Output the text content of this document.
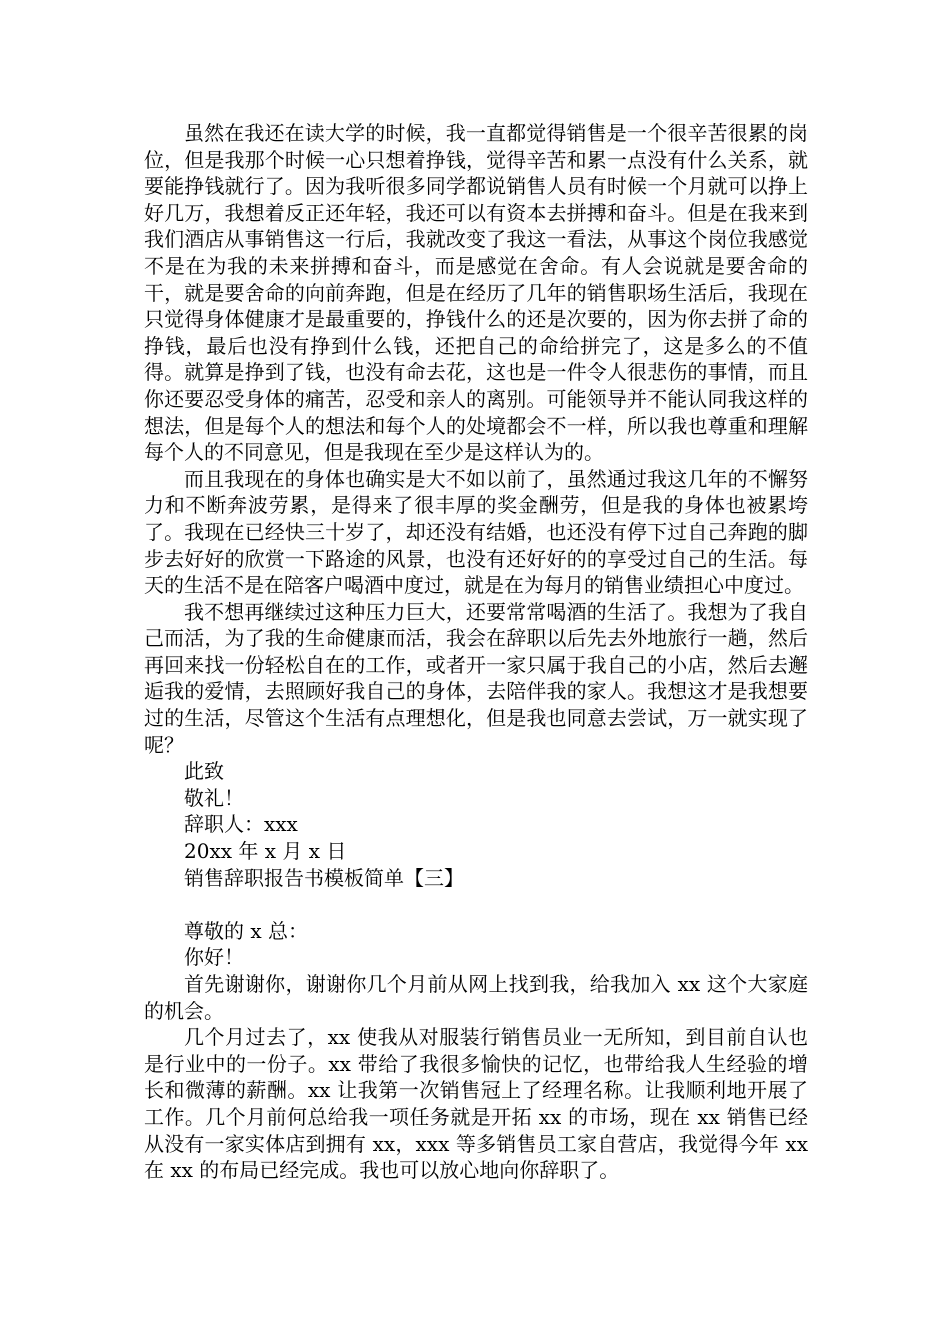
虽然在我还在读大学的时候，我一直都觉得销售是一个很辛苦很累的岗位，但是我那个时候一心只想着挣钱，觉得辛苦和累一点没有什么关系，就要能挣钱就行了。因为我听很多同学都说销售人员有时候一个月就可以挣上好几万，我想着反正还年轻，我还可以有资本去拼搏和奋斗。但是在我来到我们酒店从事销售这一行后，我就改变了我这一看法，从事这个岗位我感觉不是在为我的未来拼搏和奋斗，而是感觉在舍命。有人会说就是要舍命的干，就是要舍命的向前奔跑，但是在经历了几年的销售职场生活后，我现在只觉得身体健康才是最重要的，挣钱什么的还是次要的，因为你去拼了命的挣钱，最后也没有挣到什么钱，还把自己的命给拼完了，这是多么的不值得。就算是挣到了钱，也没有命去花，这也是一件令人很悲伤的事情，而且你还要忍受身体的痛苦，忍受和亲人的离别。可能领导并不能认同我这样的想法，但是每个人的想法和每个人的处境都会不一样，所以我也尊重和理解每个人的不同意见，但是我现在至少是这样认为的。

而且我现在的身体也确实是大不如以前了，虽然通过我这几年的不懈努力和不断奔波劳累，是得来了很丰厚的奖金酬劳，但是我的身体也被累垮了。我现在已经快三十岁了，却还没有结婚，也还没有停下过自己奔跑的脚步去好好的欣赏一下路途的风景，也没有还好好的的享受过自己的生活。每天的生活不是在陪客户喝酒中度过，就是在为每月的销售业绩担心中度过。

我不想再继续过这种压力巨大，还要常常喝酒的生活了。我想为了我自己而活，为了我的生命健康而活，我会在辞职以后先去外地旅行一趟，然后再回来找一份轻松自在的工作，或者开一家只属于我自己的小店，然后去邂逅我的爱情，去照顾好我自己的身体，去陪伴我的家人。我想这才是我想要过的生活，尽管这个生活有点理想化，但是我也同意去尝试，万一就实现了呢？

此致

敬礼！

辞职人：xxx

20xx 年 x 月 x 日

销售辞职报告书模板简单【三】

尊敬的 x 总：

你好！

首先谢谢你，谢谢你几个月前从网上找到我，给我加入 xx 这个大家庭的机会。

几个月过去了，xx 使我从对服装行销售员业一无所知，到目前自认也是行业中的一份子。xx 带给了我很多愉快的记忆，也带给我人生经验的增长和微薄的薪酬。xx 让我第一次销售冠上了经理名称。让我顺利地开展了工作。几个月前何总给我一项任务就是开拓 xx 的市场，现在 xx 销售已经从没有一家实体店到拥有 xx，xxx 等多销售员工家自营店，我觉得今年 xx 在 xx 的布局已经完成。我也可以放心地向你辞职了。
